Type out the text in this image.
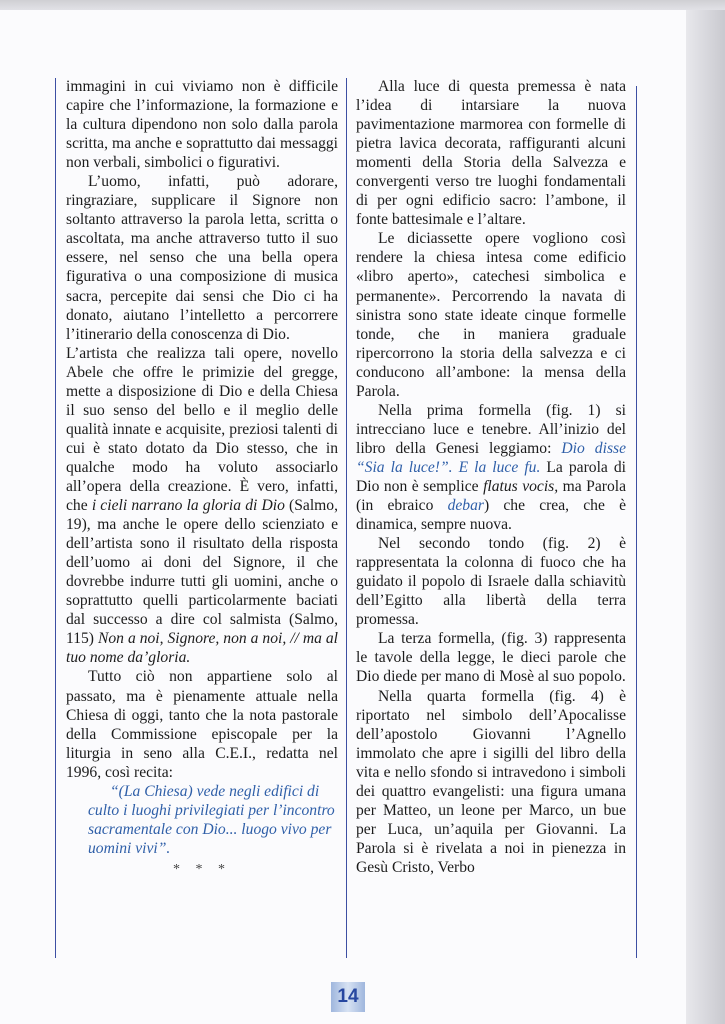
immagini in cui viviamo non è difficile capire che l’informazione, la formazione e la cultura dipendono non solo dalla parola scritta, ma anche e soprattutto dai messaggi non verbali, simbolici o figurativi.

L’uomo, infatti, può adorare, ringraziare, supplicare il Signore non soltanto attraverso la parola letta, scritta o ascoltata, ma anche attraverso tutto il suo essere, nel senso che una bella opera figurativa o una composizione di musica sacra, percepite dai sensi che Dio ci ha donato, aiutano l’intelletto a percorrere l’itinerario della conoscenza di Dio.

L’artista che realizza tali opere, novello Abele che offre le primizie del gregge, mette a disposizione di Dio e della Chiesa il suo senso del bello e il meglio delle qualità innate e acquisite, preziosi talenti di cui è stato dotato da Dio stesso, che in qualche modo ha voluto associarlo all’opera della creazione. È vero, infatti, che i cieli narrano la gloria di Dio (Salmo, 19), ma anche le opere dello scienziato e dell’artista sono il risultato della risposta dell’uomo ai doni del Signore, il che dovrebbe indurre tutti gli uomini, anche o soprattutto quelli particolarmente baciati dal successo a dire col salmista (Salmo, 115) Non a noi, Signore, non a noi, // ma al tuo nome da’gloria.

Tutto ciò non appartiene solo al passato, ma è pienamente attuale nella Chiesa di oggi, tanto che la nota pastorale della Commissione episcopale per la liturgia in seno alla C.E.I., redatta nel 1996, così recita:

“(La Chiesa) vede negli edifici di culto i luoghi privilegiati per l’incontro sacramentale con Dio... luogo vivo per uomini vivi”.

* * *

Alla luce di questa premessa è nata l’idea di intarsiare la nuova pavimentazione marmorea con formelle di pietra lavica decorata, raffiguranti alcuni momenti della Storia della Salvezza e convergenti verso tre luoghi fondamentali di per ogni edificio sacro: l’ambone, il fonte battesimale e l’altare.

Le diciassette opere vogliono così rendere la chiesa intesa come edificio «libro aperto», catechesi simbolica e permanente». Percorrendo la navata di sinistra sono state ideate cinque formelle tonde, che in maniera graduale ripercorrono la storia della salvezza e ci conducono all’ambone: la mensa della Parola.

Nella prima formella (fig. 1) si intrecciano luce e tenebre. All’inizio del libro della Genesi leggiamo: Dio disse “Sia la luce!”. E la luce fu. La parola di Dio non è semplice flatus vocis, ma Parola (in ebraico debar) che crea, che è dinamica, sempre nuova.

Nel secondo tondo (fig. 2) è rappresentata la colonna di fuoco che ha guidato il popolo di Israele dalla schiavitù dell’Egitto alla libertà della terra promessa.

La terza formella, (fig. 3) rappresenta le tavole della legge, le dieci parole che Dio diede per mano di Mosè al suo popolo.

Nella quarta formella (fig. 4) è riportato nel simbolo dell’Apocalisse dell’apostolo Giovanni l’Agnello immolato che apre i sigilli del libro della vita e nello sfondo si intravedono i simboli dei quattro evangelisti: una figura umana per Matteo, un leone per Marco, un bue per Luca, un’aquila per Giovanni. La Parola si è rivelata a noi in pienezza in Gesù Cristo, Verbo

14
